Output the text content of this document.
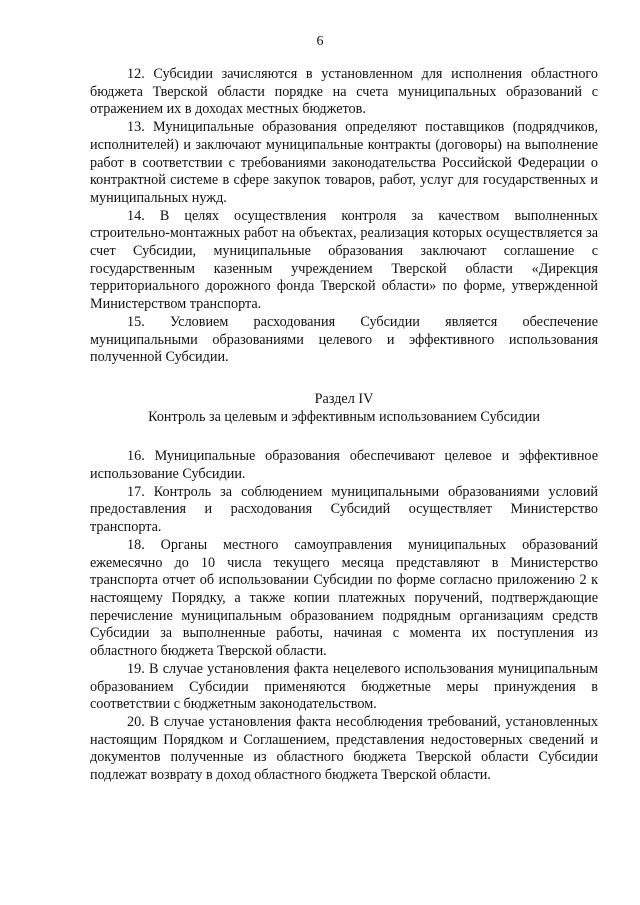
6

12. Субсидии зачисляются в установленном для исполнения областного бюджета Тверской области порядке на счета муниципальных образований с отражением их в доходах местных бюджетов.

13. Муниципальные образования определяют поставщиков (подрядчиков, исполнителей) и заключают муниципальные контракты (договоры) на выполнение работ в соответствии с требованиями законодательства Российской Федерации о контрактной системе в сфере закупок товаров, работ, услуг для государственных и муниципальных нужд.

14. В целях осуществления контроля за качеством выполненных строительно-монтажных работ на объектах, реализация которых осуществляется за счет Субсидии, муниципальные образования заключают соглашение с государственным казенным учреждением Тверской области «Дирекция территориального дорожного фонда Тверской области» по форме, утвержденной Министерством транспорта.

15. Условием расходования Субсидии является обеспечение муниципальными образованиями целевого и эффективного использования полученной Субсидии.

Раздел IV

Контроль за целевым и эффективным использованием Субсидии

16. Муниципальные образования обеспечивают целевое и эффективное использование Субсидии.

17. Контроль за соблюдением муниципальными образованиями условий предоставления и расходования Субсидий осуществляет Министерство транспорта.

18. Органы местного самоуправления муниципальных образований ежемесячно до 10 числа текущего месяца представляют в Министерство транспорта отчет об использовании Субсидии по форме согласно приложению 2 к настоящему Порядку, а также копии платежных поручений, подтверждающие перечисление муниципальным образованием подрядным организациям средств Субсидии за выполненные работы, начиная с момента их поступления из областного бюджета Тверской области.

19. В случае установления факта нецелевого использования муниципальным образованием Субсидии применяются бюджетные меры принуждения в соответствии с бюджетным законодательством.

20. В случае установления факта несоблюдения требований, установленных настоящим Порядком и Соглашением, представления недостоверных сведений и документов полученные из областного бюджета Тверской области Субсидии подлежат возврату в доход областного бюджета Тверской области.
